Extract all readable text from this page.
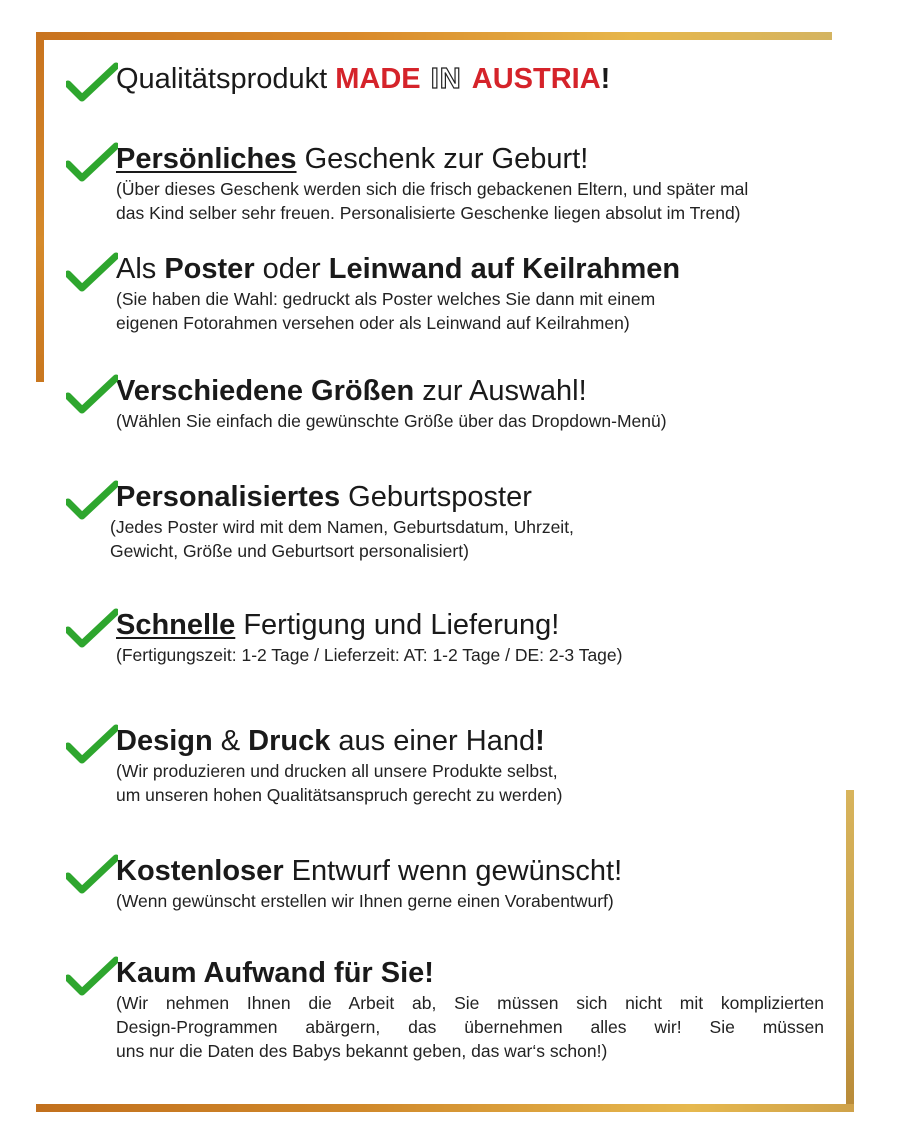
Qualitätsprodukt MADE IN AUSTRIA!
Persönliches Geschenk zur Geburt!
(Über dieses Geschenk werden sich die frisch gebackenen Eltern, und später mal
das Kind selber sehr freuen. Personalisierte Geschenke liegen absolut im Trend)
Als Poster oder Leinwand auf Keilrahmen
(Sie haben die Wahl: gedruckt als Poster welches Sie dann mit einem
eigenen Fotorahmen versehen oder als Leinwand auf Keilrahmen)
Verschiedene Größen zur Auswahl!
(Wählen Sie einfach die gewünschte Größe über das Dropdown-Menü)
Personalisiertes Geburtsposter
(Jedes Poster wird mit dem Namen, Geburtsdatum, Uhrzeit,
Gewicht, Größe und Geburtsort personalisiert)
Schnelle Fertigung und Lieferung!
(Fertigungszeit: 1-2 Tage / Lieferzeit: AT: 1-2 Tage / DE: 2-3 Tage)
Design & Druck aus einer Hand!
(Wir produzieren und drucken all unsere Produkte selbst,
um unseren hohen Qualitätsanspruch gerecht zu werden)
Kostenloser Entwurf wenn gewünscht!
(Wenn gewünscht erstellen wir Ihnen gerne einen Vorabentwurf)
Kaum Aufwand für Sie!
(Wir nehmen Ihnen die Arbeit ab, Sie müssen sich nicht mit komplizierten
Design-Programmen abärgern, das übernehmen alles wir! Sie müssen
uns nur die Daten des Babys bekannt geben, das war‘s schon!)
